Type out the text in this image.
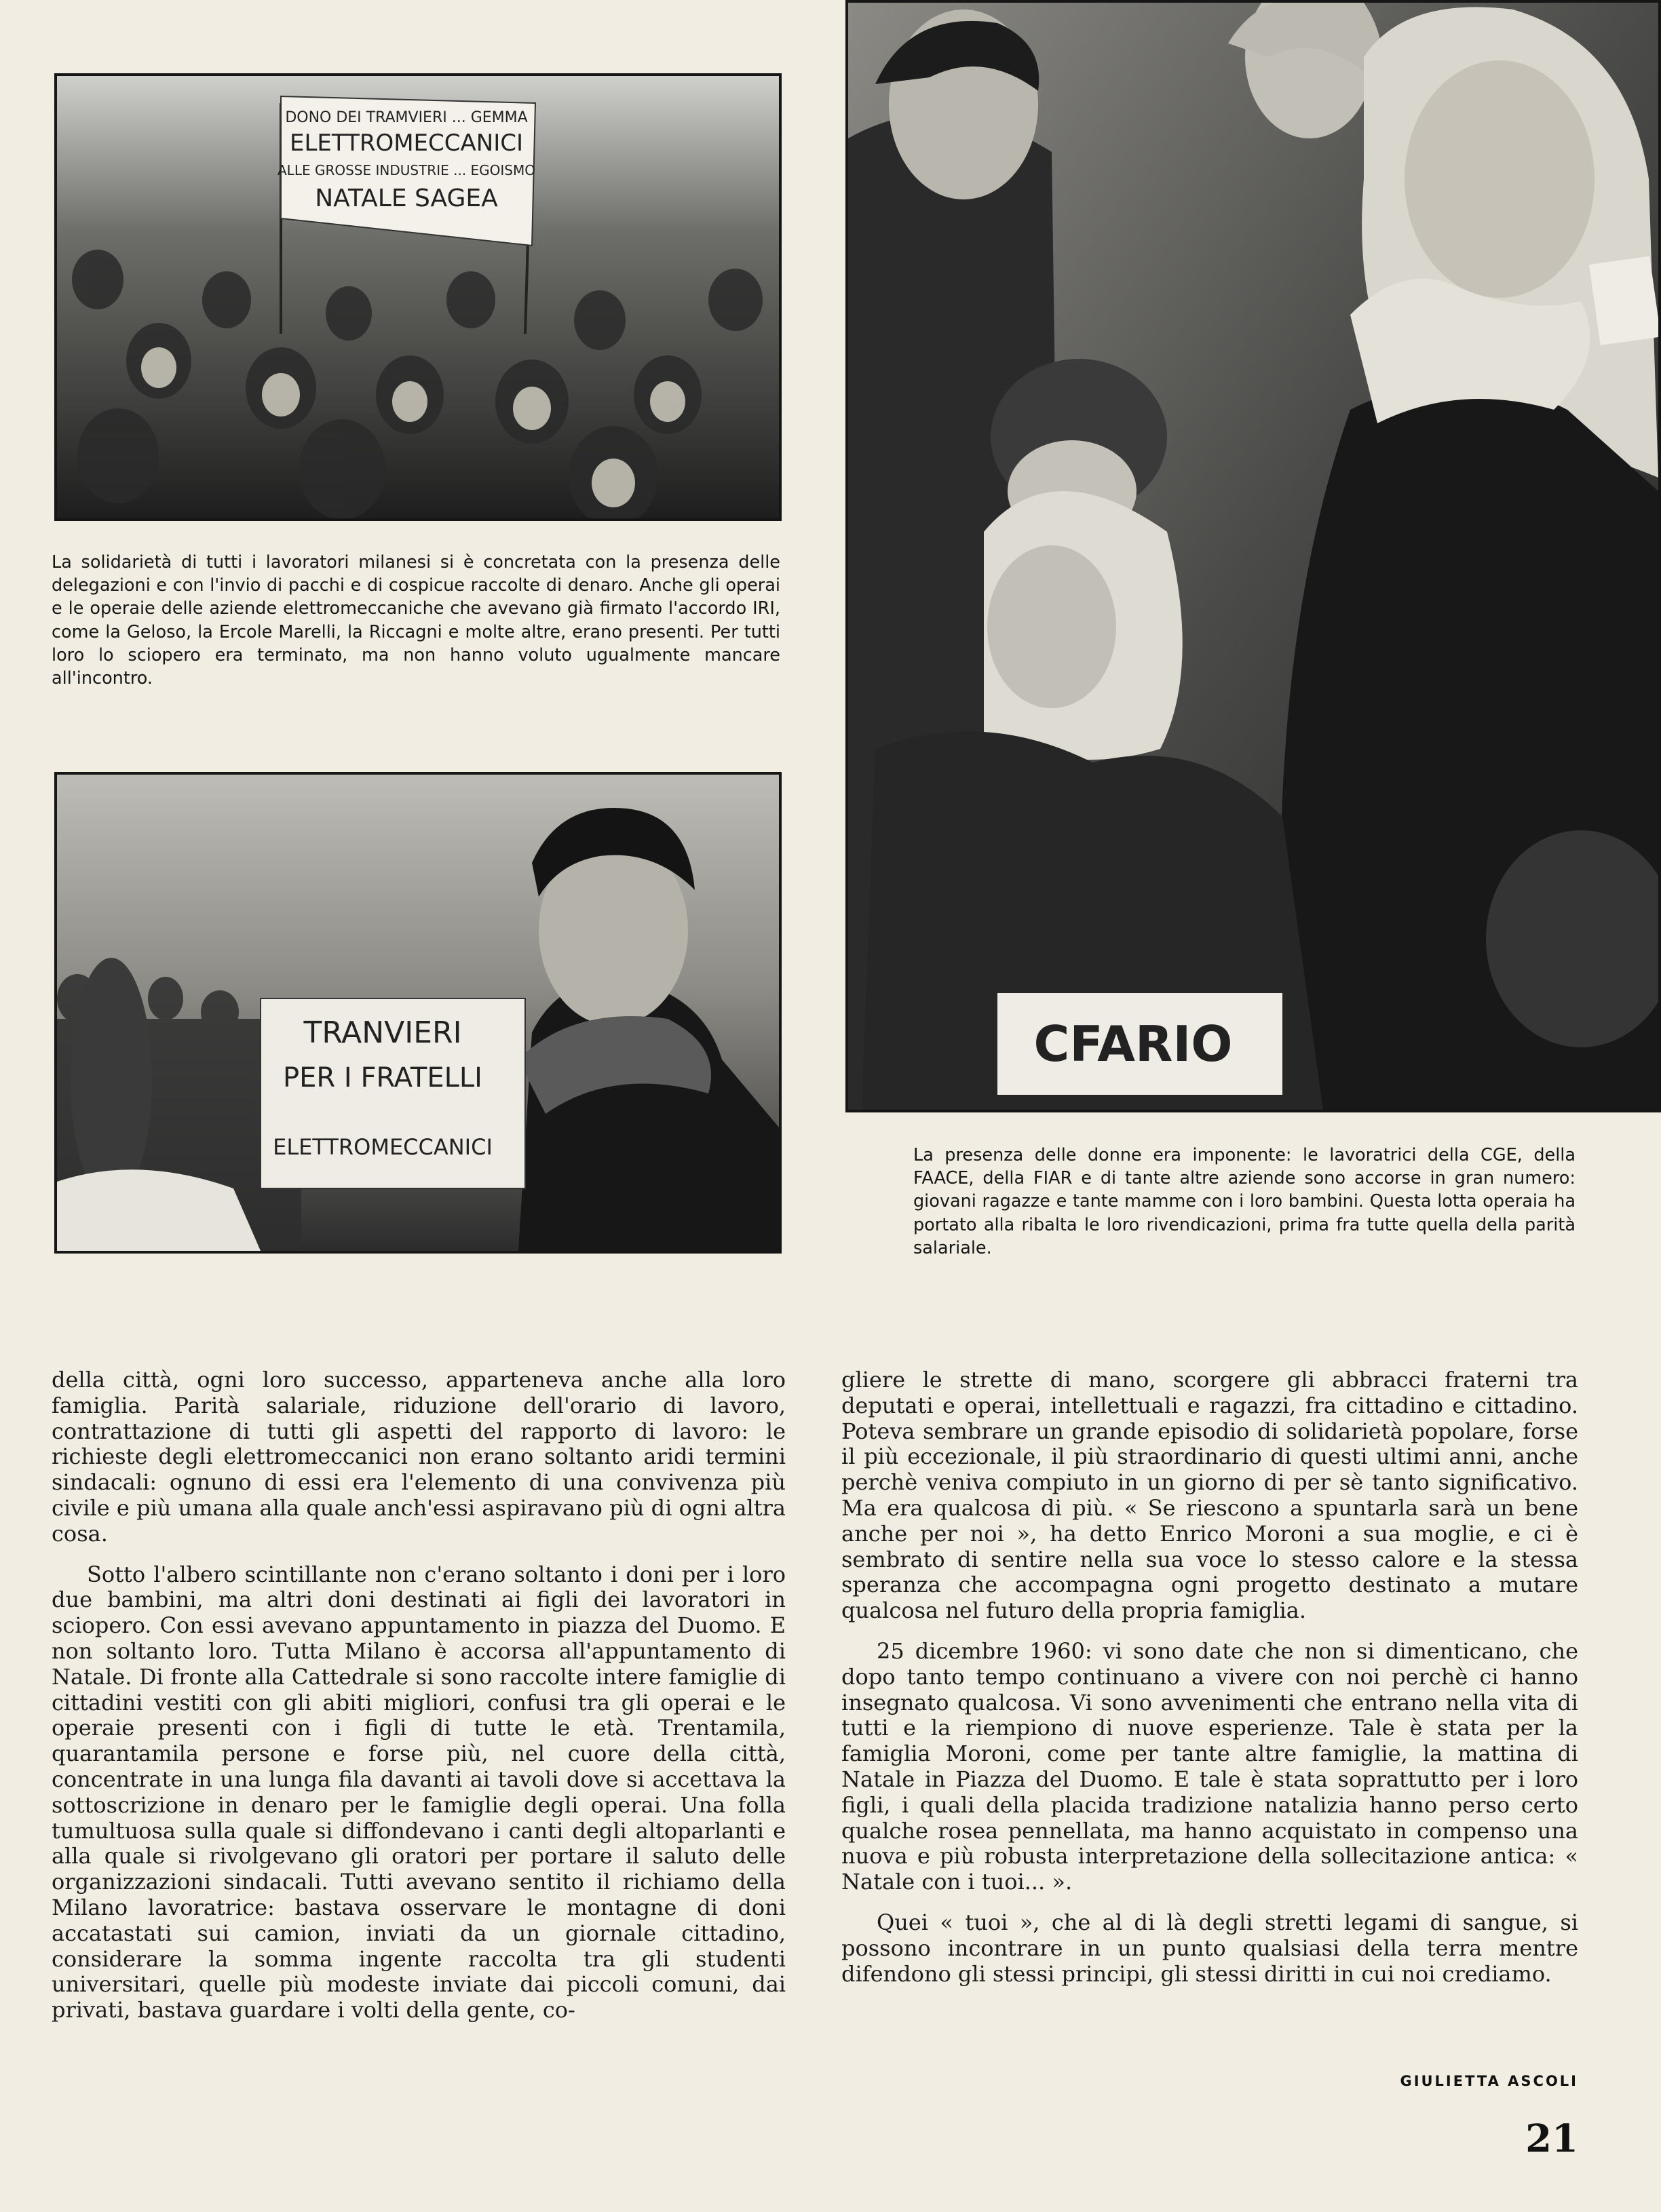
DONO DEI TRAMVIERI ... GEMMA
ELETTROMECCANICI
ALLE GROSSE INDUSTRIE ... EGOISMO
NATALE SAGEA

La solidarietà di tutti i lavoratori milanesi si è concretata con la presenza delle delegazioni e con l'invio di pacchi e di cospicue raccolte di denaro. Anche gli operai e le operaie delle aziende elettromeccaniche che avevano già firmato l'accordo IRI, come la Geloso, la Ercole Marelli, la Riccagni e molte altre, erano presenti. Per tutti loro lo sciopero era terminato, ma non hanno voluto ugualmente mancare all'incontro.

TRANVIERI
PER I FRATELLI
ELETTROMECCANICI
CFARIO

La presenza delle donne era imponente: le lavoratrici della CGE, della FAACE, della FIAR e di tante altre aziende sono accorse in gran numero: giovani ragazze e tante mamme con i loro bambini. Questa lotta operaia ha portato alla ribalta le loro rivendicazioni, prima fra tutte quella della parità salariale.

della città, ogni loro successo, apparteneva anche alla loro famiglia. Parità salariale, riduzione dell'orario di lavoro, contrattazione di tutti gli aspetti del rapporto di lavoro: le richieste degli elettromeccanici non erano soltanto aridi termini sindacali: ognuno di essi era l'elemento di una convivenza più civile e più umana alla quale anch'essi aspiravano più di ogni altra cosa.

Sotto l'albero scintillante non c'erano soltanto i doni per i loro due bambini, ma altri doni destinati ai figli dei lavoratori in sciopero. Con essi avevano appuntamento in piazza del Duomo. E non soltanto loro. Tutta Milano è accorsa all'appuntamento di Natale. Di fronte alla Cattedrale si sono raccolte intere famiglie di cittadini vestiti con gli abiti migliori, confusi tra gli operai e le operaie presenti con i figli di tutte le età. Trentamila, quarantamila persone e forse più, nel cuore della città, concentrate in una lunga fila davanti ai tavoli dove si accettava la sottoscrizione in denaro per le famiglie degli operai. Una folla tumultuosa sulla quale si diffondevano i canti degli altoparlanti e alla quale si rivolgevano gli oratori per portare il saluto delle organizzazioni sindacali. Tutti avevano sentito il richiamo della Milano lavoratrice: bastava osservare le montagne di doni accatastati sui camion, inviati da un giornale cittadino, considerare la somma ingente raccolta tra gli studenti universitari, quelle più modeste inviate dai piccoli comuni, dai privati, bastava guardare i volti della gente, co-

gliere le strette di mano, scorgere gli abbracci fraterni tra deputati e operai, intellettuali e ragazzi, fra cittadino e cittadino. Poteva sembrare un grande episodio di solidarietà popolare, forse il più eccezionale, il più straordinario di questi ultimi anni, anche perchè veniva compiuto in un giorno di per sè tanto significativo. Ma era qualcosa di più. « Se riescono a spuntarla sarà un bene anche per noi », ha detto Enrico Moroni a sua moglie, e ci è sembrato di sentire nella sua voce lo stesso calore e la stessa speranza che accompagna ogni progetto destinato a mutare qualcosa nel futuro della propria famiglia.

25 dicembre 1960: vi sono date che non si dimenticano, che dopo tanto tempo continuano a vivere con noi perchè ci hanno insegnato qualcosa. Vi sono avvenimenti che entrano nella vita di tutti e la riempiono di nuove esperienze. Tale è stata per la famiglia Moroni, come per tante altre famiglie, la mattina di Natale in Piazza del Duomo. E tale è stata soprattutto per i loro figli, i quali della placida tradizione natalizia hanno perso certo qualche rosea pennellata, ma hanno acquistato in compenso una nuova e più robusta interpretazione della sollecitazione antica: « Natale con i tuoi... ».

Quei « tuoi », che al di là degli stretti legami di sangue, si possono incontrare in un punto qualsiasi della terra mentre difendono gli stessi principi, gli stessi diritti in cui noi crediamo.

GIULIETTA ASCOLI
21
